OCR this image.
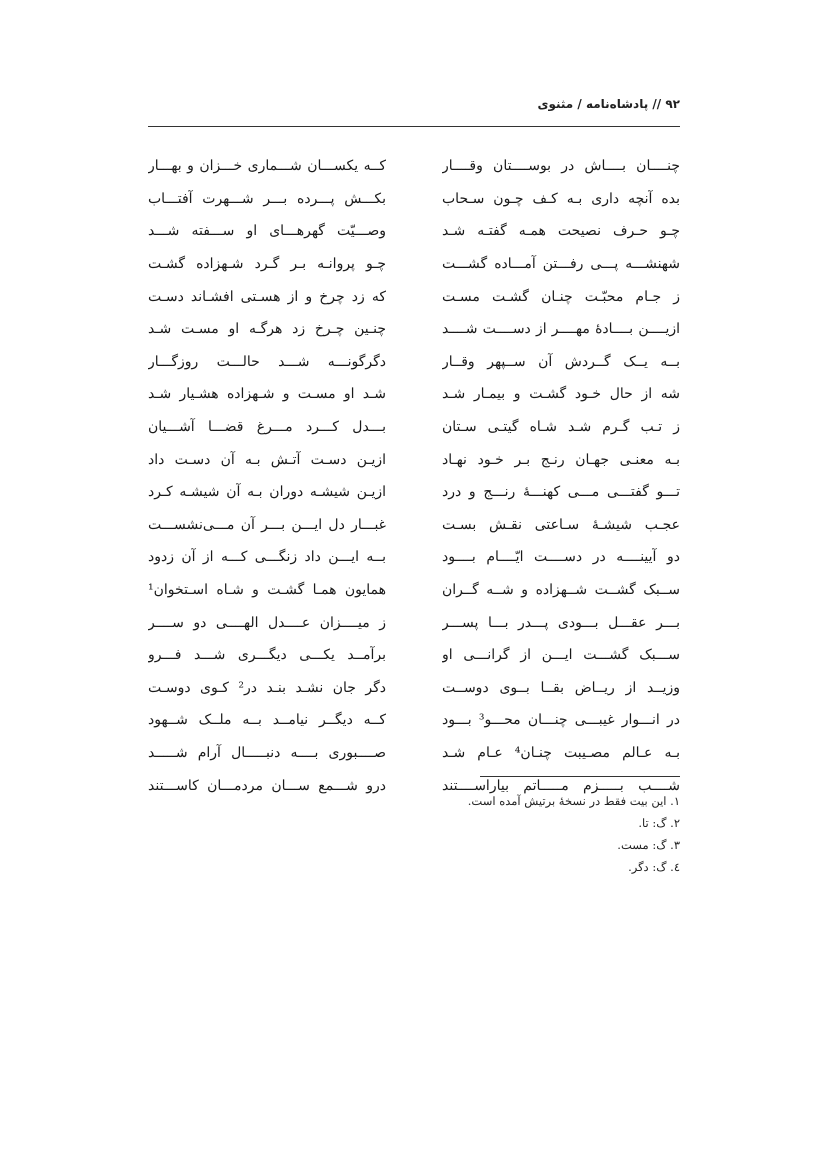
۹۲ // پادشاه‌نامه / مثنوی
چنــــان بــــاش در بوســــتان وقــــار
کــه یکســـان شـــماری خـــزان و بهـــار
بده آنچه داری بـه کـف چـون سـحاب
بکـــش پـــرده بـــر شـــهرت آفتـــاب
چـو حـرف نصیحت همـه گفتـه شـد
وصـــیّت گهرهـــای او ســـفته شـــد
شهنشـــه پـــی رفـــتن آمـــاده گشـــت
چـو پروانـه بـر گـرد شـهزاده گشـت
ز جـام محبّـت چنـان گشـت مسـت
که زد چرخ و از هسـتی افشـاند دسـت
ازیــــن بــــادهٔ مهــــر از دســــت شــــد
چنـین چـرخ زد هرگـه او مسـت شـد
بــه یــک گــردش آن ســپهر وقــار
دگرگونـــه شـــد حالـــت روزگـــار
شه از حال خـود گشـت و بیمـار شـد
شـد او مسـت و شـهزاده هشـیار شـد
ز تـب گـرم شـد شـاه گیتـی سـتان
بـــدل کـــرد مـــرغ قضـــا آشـــیان
بـه معنـی جهـان رنـج بـر خـود نهـاد
ازیـن دسـت آتـش بـه آن دسـت داد
تـــو گفتـــی مـــی کهنـــهٔ رنـــج و درد
ازیـن شیشـه دوران بـه آن شیشـه کـرد
عجـب شیشـهٔ سـاعتی نقـش بسـت
غبـــار دل ایـــن بـــر آن مـــی‌نشســـت
دو آیینــــه در دســــت ایّــــام بــــود
بــه ایـــن داد زنگـــی کـــه از آن زدود
ســبک گشــت شــهزاده و شــه گــران
همایون همـا گشـت و شـاه اسـتخوان¹
بـــر عقـــل بـــودی پـــدر بـــا پســـر
ز میــــزان عــــدل الهــــی دو ســــر
ســـبک گشـــت ایـــن از گرانـــی او
برآمــد یکـــی دیگـــری شـــد فـــرو
وزیــد از ریــاض بقــا بــوی دوســت
دگر جان نشـد بنـد در² کـوی دوسـت
در انـــوار غیبـــی چنـــان محـــو³ بـــود
کــه دیگــر نیامــد بــه ملــک شــهود
بـه عـالم مصـیبت چنـان⁴ عـام شـد
صــــبوری بــــه دنبـــــال آرام شـــــد
شــــب بـــــزم مـــــاتم بیاراســــتند
درو شـــمع ســـان مردمـــان کاســـتند
۱. این بیت فقط در نسخهٔ برتیش آمده است.
۲. گ: تا.
۳. گ: مست.
٤. گ: دگر.
